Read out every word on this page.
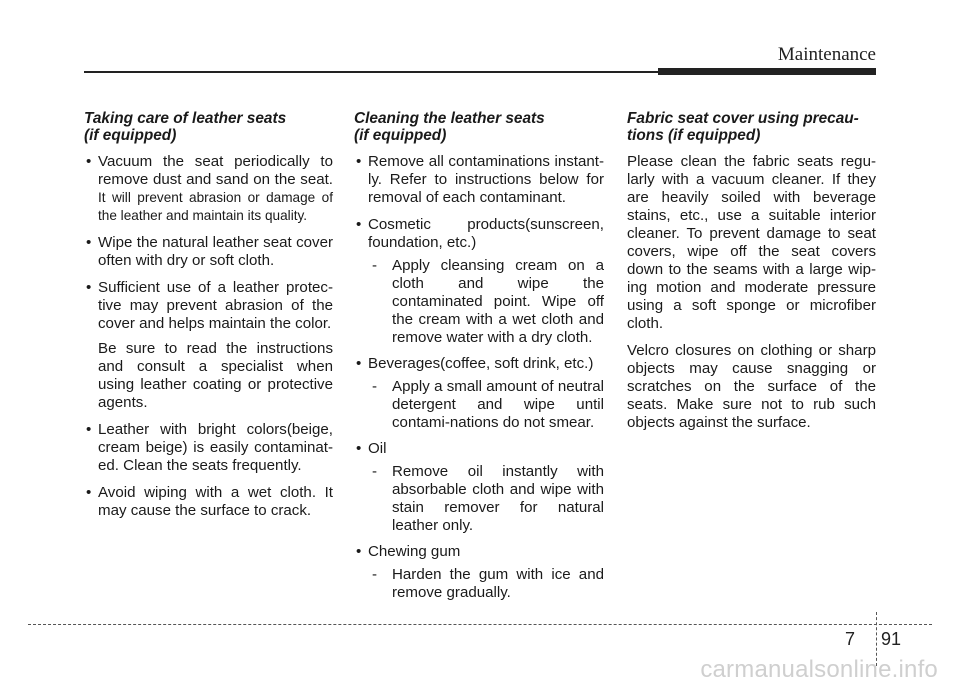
Maintenance
Taking care of leather seats
(if equipped)
• Vacuum the seat periodically to remove dust and sand on the seat. It will prevent abrasion or damage of the leather and maintain its quality.
• Wipe the natural leather seat cover often with dry or soft cloth.
• Sufficient use of a leather protec-tive may prevent abrasion of the cover and helps maintain the color.
Be sure to read the instructions and consult a specialist when using leather coating or protective agents.
• Leather with bright colors(beige, cream beige) is easily contaminat-ed. Clean the seats frequently.
• Avoid wiping with a wet cloth. It may cause the surface to crack.
Cleaning the leather seats
(if equipped)
• Remove all contaminations instant-ly. Refer to instructions below for removal of each contaminant.
• Cosmetic products(sunscreen, foundation, etc.)
- Apply cleansing cream on a cloth and wipe the contaminated point. Wipe off the cream with a wet cloth and remove water with a dry cloth.
• Beverages(coffee, soft drink, etc.)
- Apply a small amount of neutral detergent and wipe until contami-nations do not smear.
• Oil
- Remove oil instantly with absorbable cloth and wipe with stain remover for natural leather only.
• Chewing gum
- Harden the gum with ice and remove gradually.
Fabric seat cover using precau-
tions (if equipped)
Please clean the fabric seats regu-larly with a vacuum cleaner. If they are heavily soiled with beverage stains, etc., use a suitable interior cleaner. To prevent damage to seat covers, wipe off the seat covers down to the seams with a large wip-ing motion and moderate pressure using a soft sponge or microfiber cloth.
Velcro closures on clothing or sharp objects may cause snagging or scratches on the surface of the seats. Make sure not to rub such objects against the surface.
7 91
carmanualsonline.info
